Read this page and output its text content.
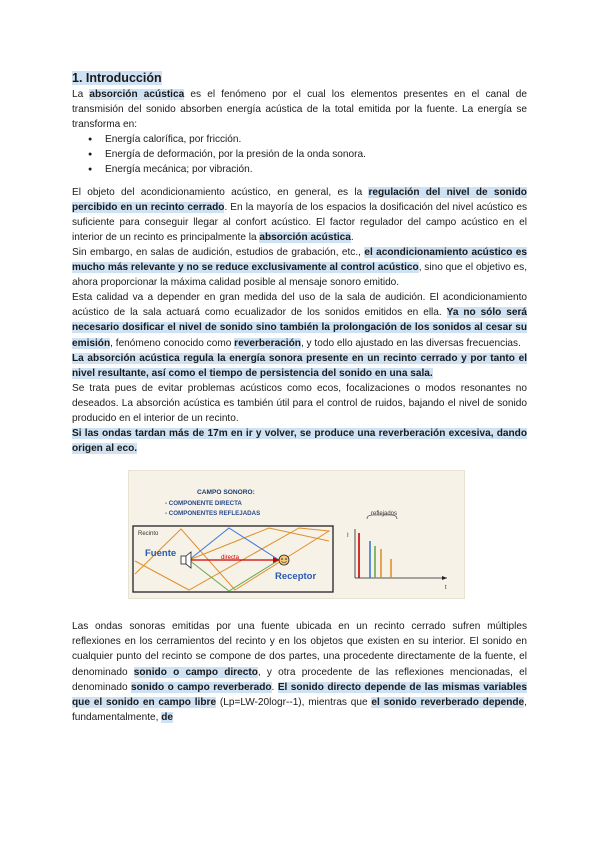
1. Introducción

La absorción acústica es el fenómeno por el cual los elementos presentes en el canal de transmisión del sonido absorben energía acústica de la total emitida por la fuente. La energía se transforma en:

● Energía calorífica, por fricción.
● Energía de deformación, por la presión de la onda sonora.
● Energía mecánica; por vibración.

El objeto del acondicionamiento acústico, en general, es la regulación del nivel de sonido percibido en un recinto cerrado. En la mayoría de los espacios la dosificación del nivel acústico es suficiente para conseguir llegar al confort acústico. El factor regulador del campo acústico en el interior de un recinto es principalmente la absorción acústica.

Sin embargo, en salas de audición, estudios de grabación, etc., el acondicionamiento acústico es mucho más relevante y no se reduce exclusivamente al control acústico, sino que el objetivo es, ahora proporcionar la máxima calidad posible al mensaje sonoro emitido.

Esta calidad va a depender en gran medida del uso de la sala de audición. El acondicionamiento acústico de la sala actuará como ecualizador de los sonidos emitidos en ella. Ya no sólo será necesario dosificar el nivel de sonido sino también la prolongación de los sonidos al cesar su emisión, fenómeno conocido como reverberación, y todo ello ajustado en las diversas frecuencias.

La absorción acústica regula la energía sonora presente en un recinto cerrado y por tanto el nivel resultante, así como el tiempo de persistencia del sonido en una sala.

Se trata pues de evitar problemas acústicos como ecos, focalizaciones o modos resonantes no deseados. La absorción acústica es también útil para el control de ruidos, bajando el nivel de sonido producido en el interior de un recinto.

Si las ondas tardan más de 17m en ir y volver, se produce una reverberación excesiva, dando origen al eco.

CAMPO SONORO:
- COMPONENTE DIRECTA
- COMPONENTES REFLEJADAS
Recinto
Fuente	directa
Receptor
reflejados
I
t

Las ondas sonoras emitidas por una fuente ubicada en un recinto cerrado sufren múltiples reflexiones en los cerramientos del recinto y en los objetos que existen en su interior. El sonido en cualquier punto del recinto se compone de dos partes, una procedente directamente de la fuente, el denominado sonido o campo directo, y otra procedente de las reflexiones mencionadas, el denominado sonido o campo reverberado. El sonido directo depende de las mismas variables que el sonido en campo libre (Lp=LW-20logr--1), mientras que el sonido reverberado depende, fundamentalmente, de
